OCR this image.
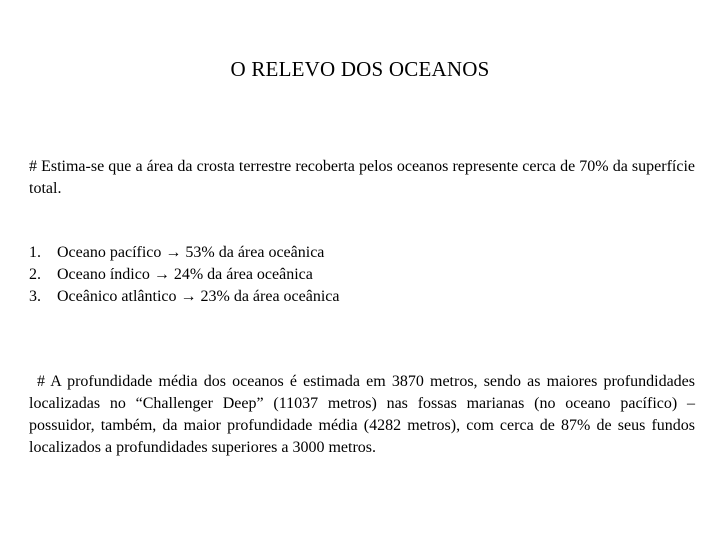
O RELEVO DOS OCEANOS
# Estima-se que a área da crosta terrestre recoberta pelos oceanos represente cerca de 70% da superfície total.
1.	Oceano pacífico → 53% da área oceânica
2.	Oceano índico → 24% da área oceânica
3.	Oceânico atlântico → 23% da área oceânica
# A profundidade média dos oceanos é estimada em 3870 metros, sendo as maiores profundidades localizadas no “Challenger Deep” (11037 metros) nas fossas marianas (no oceano pacífico) – possuidor, também, da maior profundidade média (4282 metros), com cerca de 87% de seus fundos localizados a profundidades superiores a 3000 metros.
